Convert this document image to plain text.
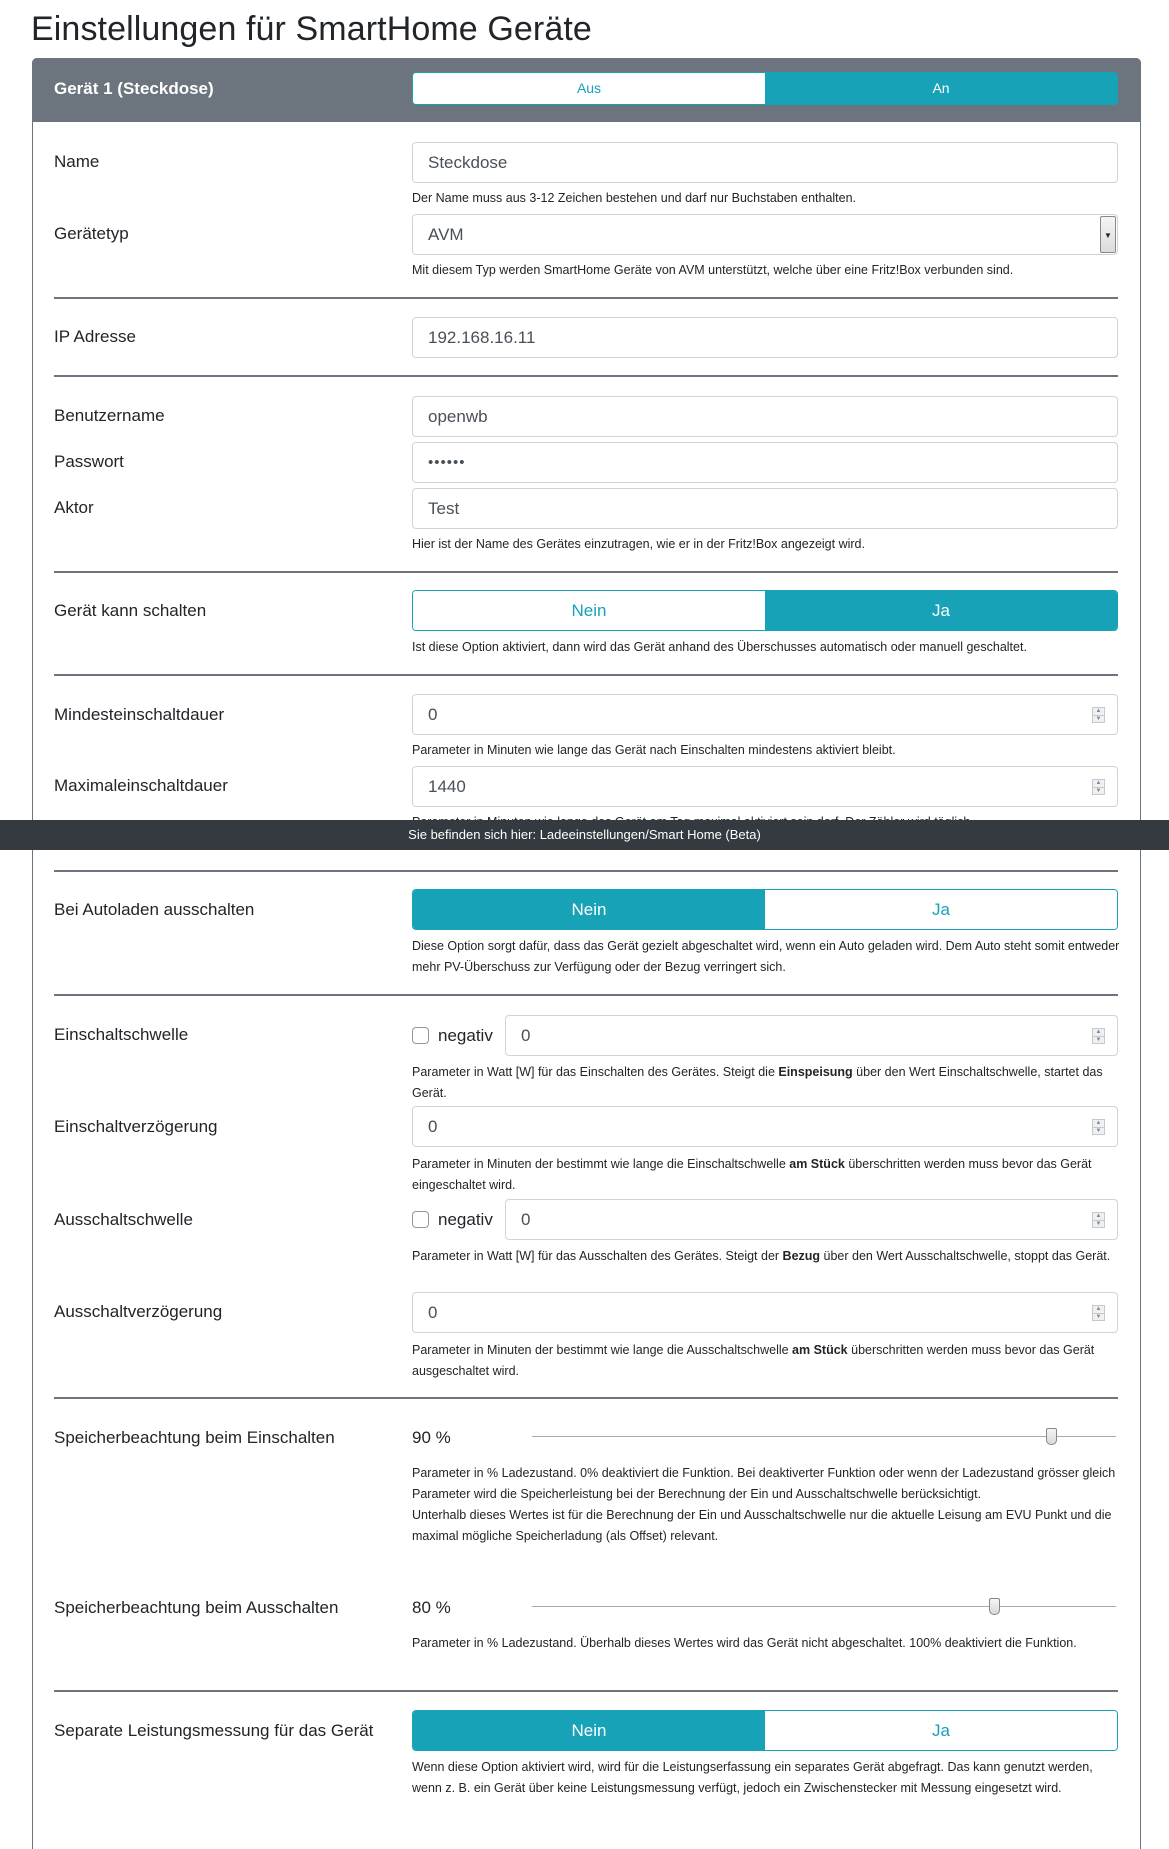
Einstellungen für SmartHome Geräte
Gerät 1 (Steckdose)	Aus	An
Name	Steckdose
Der Name muss aus 3-12 Zeichen bestehen und darf nur Buchstaben enthalten.
Gerätetyp	AVM	▼
Mit diesem Typ werden SmartHome Geräte von AVM unterstützt, welche über eine Fritz!Box verbunden sind.
IP Adresse	192.168.16.11
Benutzername	openwb
Passwort	••••••
Aktor	Test
Hier ist der Name des Gerätes einzutragen, wie er in der Fritz!Box angezeigt wird.
Gerät kann schalten	Nein	Ja
Ist diese Option aktiviert, dann wird das Gerät anhand des Überschusses automatisch oder manuell geschaltet.
Mindesteinschaltdauer	0	▲
▼
Parameter in Minuten wie lange das Gerät nach Einschalten mindestens aktiviert bleibt.
Maximaleinschaltdauer	1440	▲
▼
Sie befinden sich hier: Ladeeinstellungen/Smart Home (Beta)
Bei Autoladen ausschalten	Nein	Ja
Diese Option sorgt dafür, dass das Gerät gezielt abgeschaltet wird, wenn ein Auto geladen wird. Dem Auto steht somit entweder mehr PV-Überschuss zur Verfügung oder der Bezug verringert sich.
Einschaltschwelle	negativ	0	▲
▼
Parameter in Watt [W] für das Einschalten des Gerätes. Steigt die Einspeisung über den Wert Einschaltschwelle, startet das Gerät.
Einschaltverzögerung	0	▲
▼
Parameter in Minuten der bestimmt wie lange die Einschaltschwelle am Stück überschritten werden muss bevor das Gerät eingeschaltet wird.
Ausschaltschwelle	negativ	0	▲
▼
Parameter in Watt [W] für das Ausschalten des Gerätes. Steigt der Bezug über den Wert Ausschaltschwelle, stoppt das Gerät.
Ausschaltverzögerung	0	▲
▼
Parameter in Minuten der bestimmt wie lange die Ausschaltschwelle am Stück überschritten werden muss bevor das Gerät ausgeschaltet wird.
Speicherbeachtung beim Einschalten	90 %
Parameter in % Ladezustand. 0% deaktiviert die Funktion. Bei deaktiverter Funktion oder wenn der Ladezustand grösser gleich Parameter wird die Speicherleistung bei der Berechnung der Ein und Ausschaltschwelle berücksichtigt.
Unterhalb dieses Wertes ist für die Berechnung der Ein und Ausschaltschwelle nur die aktuelle Leisung am EVU Punkt und die maximal mögliche Speicherladung (als Offset) relevant.
Speicherbeachtung beim Ausschalten	80 %
Parameter in % Ladezustand. Überhalb dieses Wertes wird das Gerät nicht abgeschaltet. 100% deaktiviert die Funktion.
Separate Leistungsmessung für das Gerät	Nein	Ja
Wenn diese Option aktiviert wird, wird für die Leistungserfassung ein separates Gerät abgefragt. Das kann genutzt werden, wenn z. B. ein Gerät über keine Leistungsmessung verfügt, jedoch ein Zwischenstecker mit Messung eingesetzt wird.
